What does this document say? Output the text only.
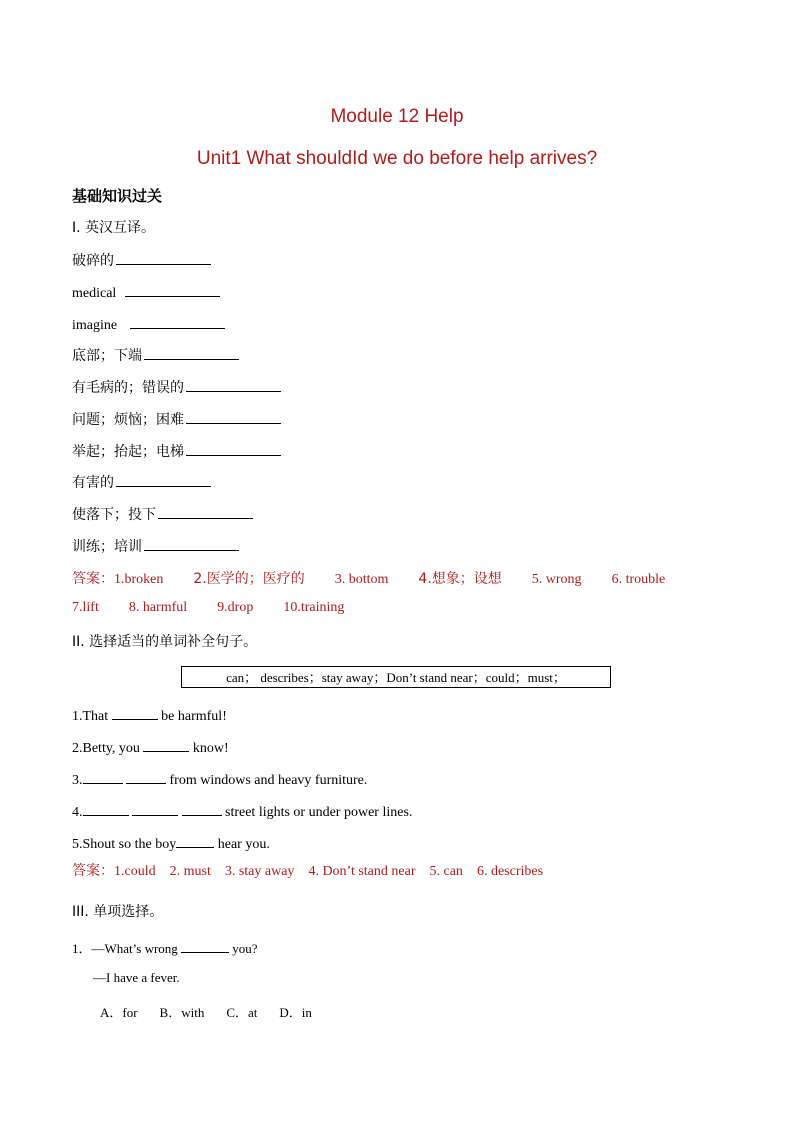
Module 12 Help
Unit1 What shouldId we do before help arrives?
基础知识过关
I. 英汉互译。
破碎的
medical
imagine
底部；下端
有毛病的；错误的
问题；烦恼；困难
举起；抬起；电梯
有害的
使落下；投下
训练；培训
答案：1.broken 2.医学的；医疗的 3. bottom 4.想象；设想 5. wrong 6. trouble
7.lift 8. harmful 9.drop 10.training
II. 选择适当的单词补全句子。
can； describes；stay away；Don’t stand near；could；must；
1.That	be harmful!
2.Betty, you	know!
3.	from windows and heavy furniture.
4.	street lights or under power lines.
5.Shout so the boy	hear you.
答案：1.could 2. must 3. stay away 4. Don’t stand near 5. can 6. describes
III. 单项选择。
1．—What’s wrong	you?
—I have a fever.
A．for B．with C．at D．in
